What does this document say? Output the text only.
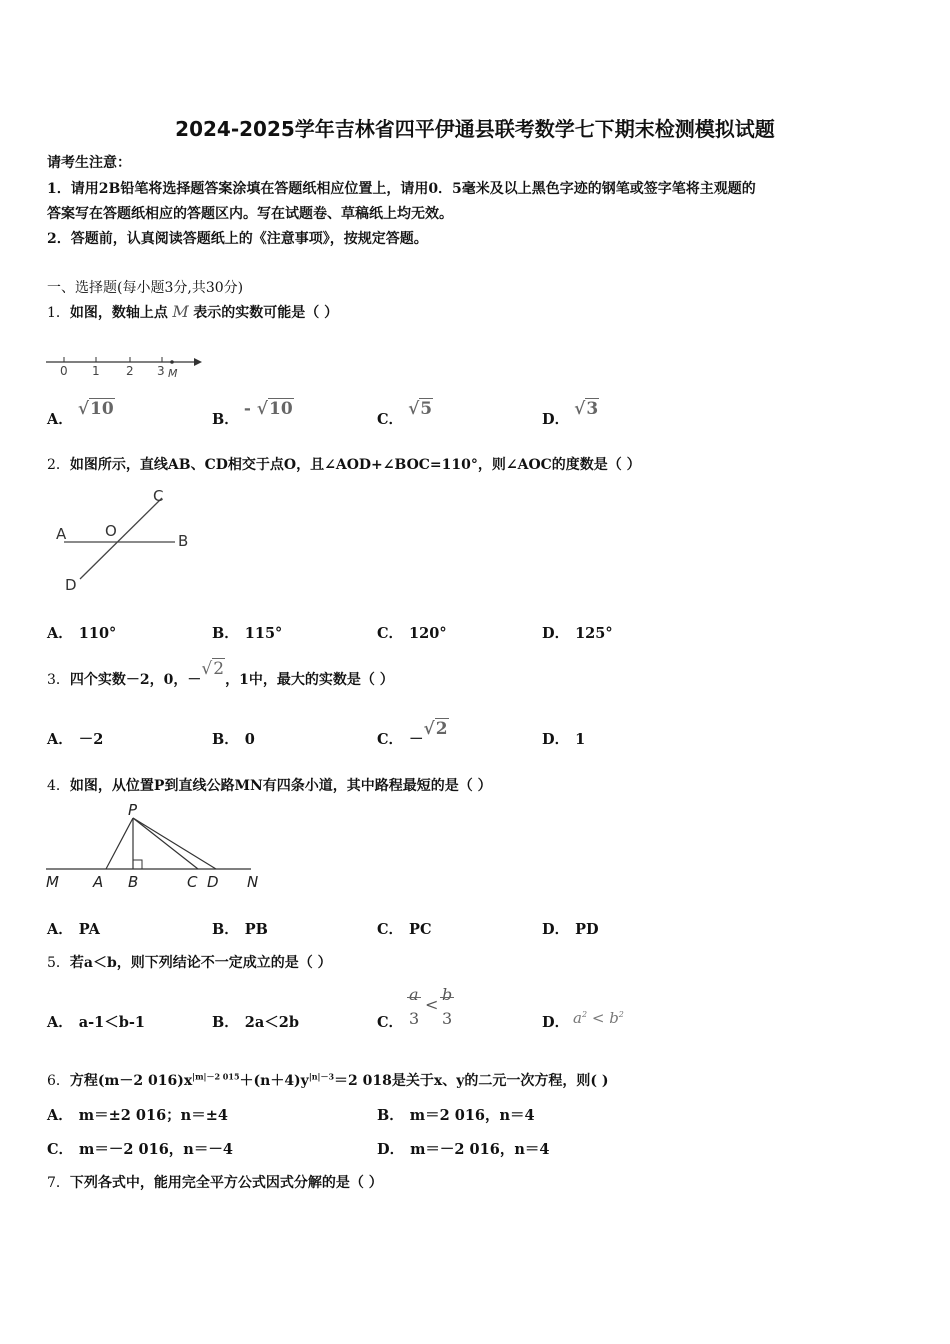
2024-2025学年吉林省四平伊通县联考数学七下期末检测模拟试题
请考生注意：
1．请用2B铅笔将选择题答案涂填在答题纸相应位置上，请用0．5毫米及以上黑色字迹的钢笔或签字笔将主观题的
答案写在答题纸相应的答题区内。写在试题卷、草稿纸上均无效。
2．答题前，认真阅读答题纸上的《注意事项》，按规定答题。
一、选择题(每小题3分,共30分)
1．如图，数轴上点 M 表示的实数可能是（ ）
0 1 2 3 M
A． √10
B． - √10
C． √5
D． √3
2．如图所示，直线AB、CD相交于点O，且∠AOD+∠BOC=110°，则∠AOC的度数是（ ）
A	B
C
D
O
A． 110°	B． 115°	C． 120°	D． 125°
3．四个实数－2，0，－√2，1中，最大的实数是（ ）
A． －2	B． 0	C． －√2
D． 1
4．如图，从位置P到直线公路MN有四条小道，其中路程最短的是（ ）
P
M A B	C D N
A． PA	B． PB	C． PC	D． PD
5．若a＜b，则下列结论不一定成立的是（ ）
A． a-1＜b-1	B． 2a＜2b	C．
a
3
<
b
3	D． $a^2 < b^2$
6．方程(m－2 $016)x^{|m|-2 015}+(n+4)y^{|n|-3}=2$ 018是关于x、y的二元一次方程，则( )
A． m＝±2 016；n＝±4	B． m＝2 016，n＝4
C． m＝－2 016，n＝－4	D． m＝－2 016，n＝4
7．下列各式中，能用完全平方公式因式分解的是（ ）
